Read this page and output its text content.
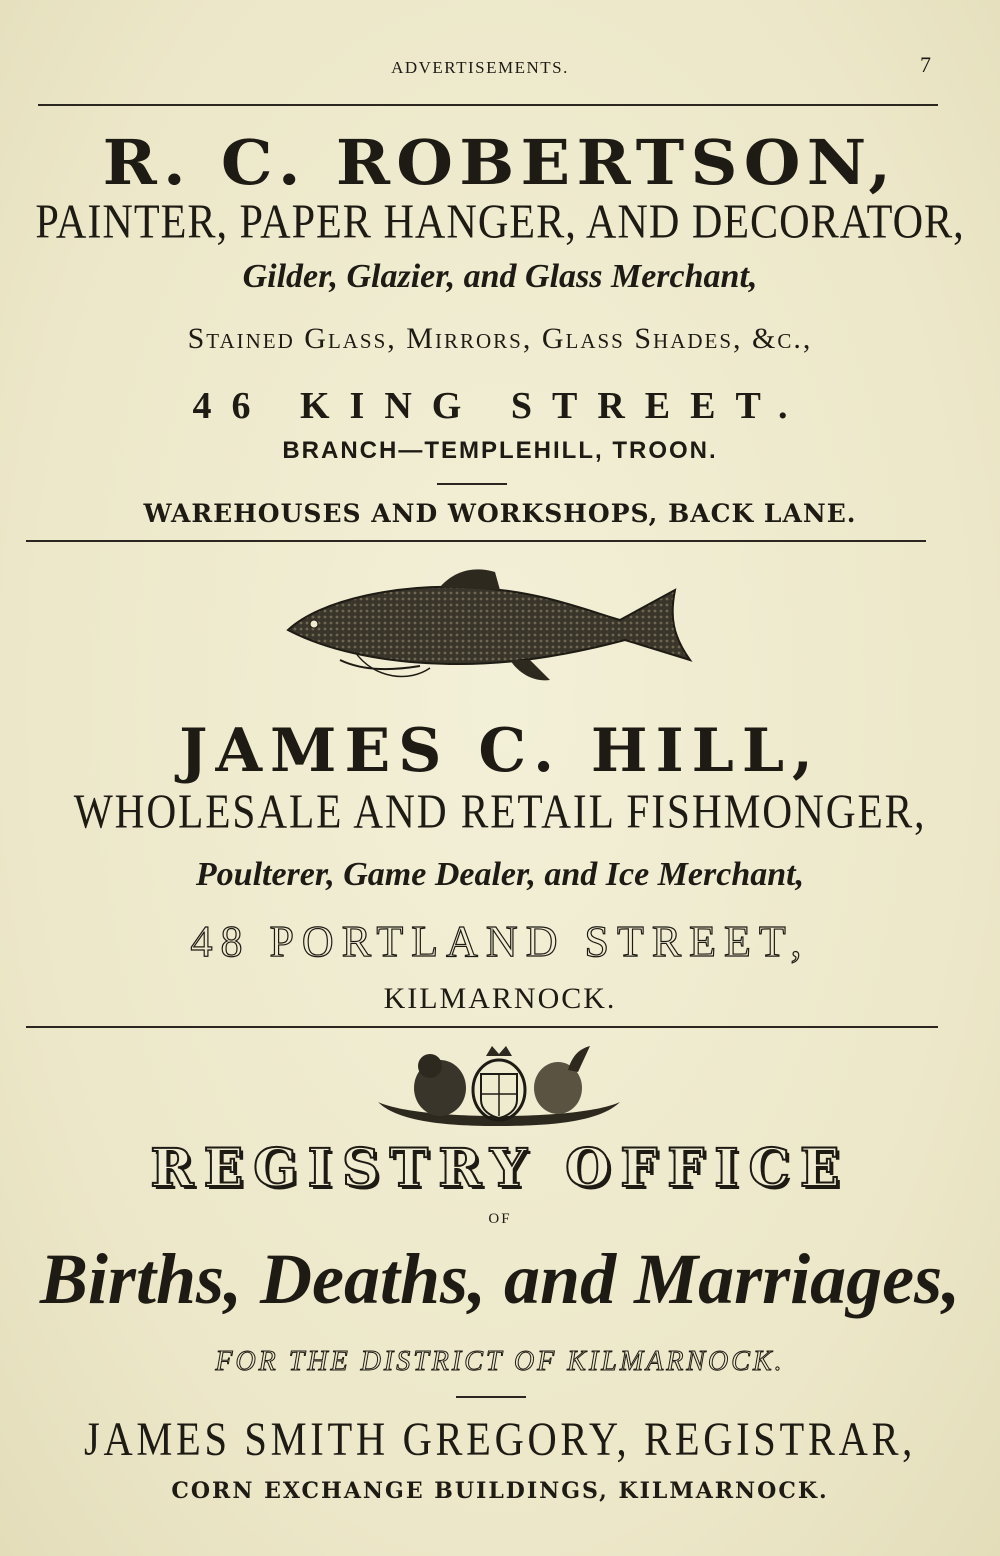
ADVERTISEMENTS.	7
R. C. ROBERTSON,
PAINTER, PAPER HANGER, AND DECORATOR,
Gilder, Glazier, and Glass Merchant,
Stained Glass, Mirrors, Glass Shades, &c.,
46 KING STREET.
BRANCH—TEMPLEHILL, TROON.
WAREHOUSES AND WORKSHOPS, BACK LANE.
JAMES C. HILL,
WHOLESALE AND RETAIL FISHMONGER,
Poulterer, Game Dealer, and Ice Merchant,
48 PORTLAND STREET,
KILMARNOCK.
REGISTRY OFFICE
OF
Births, Deaths, and Marriages,
FOR THE DISTRICT OF KILMARNOCK.
JAMES SMITH GREGORY, REGISTRAR,
CORN EXCHANGE BUILDINGS, KILMARNOCK.
